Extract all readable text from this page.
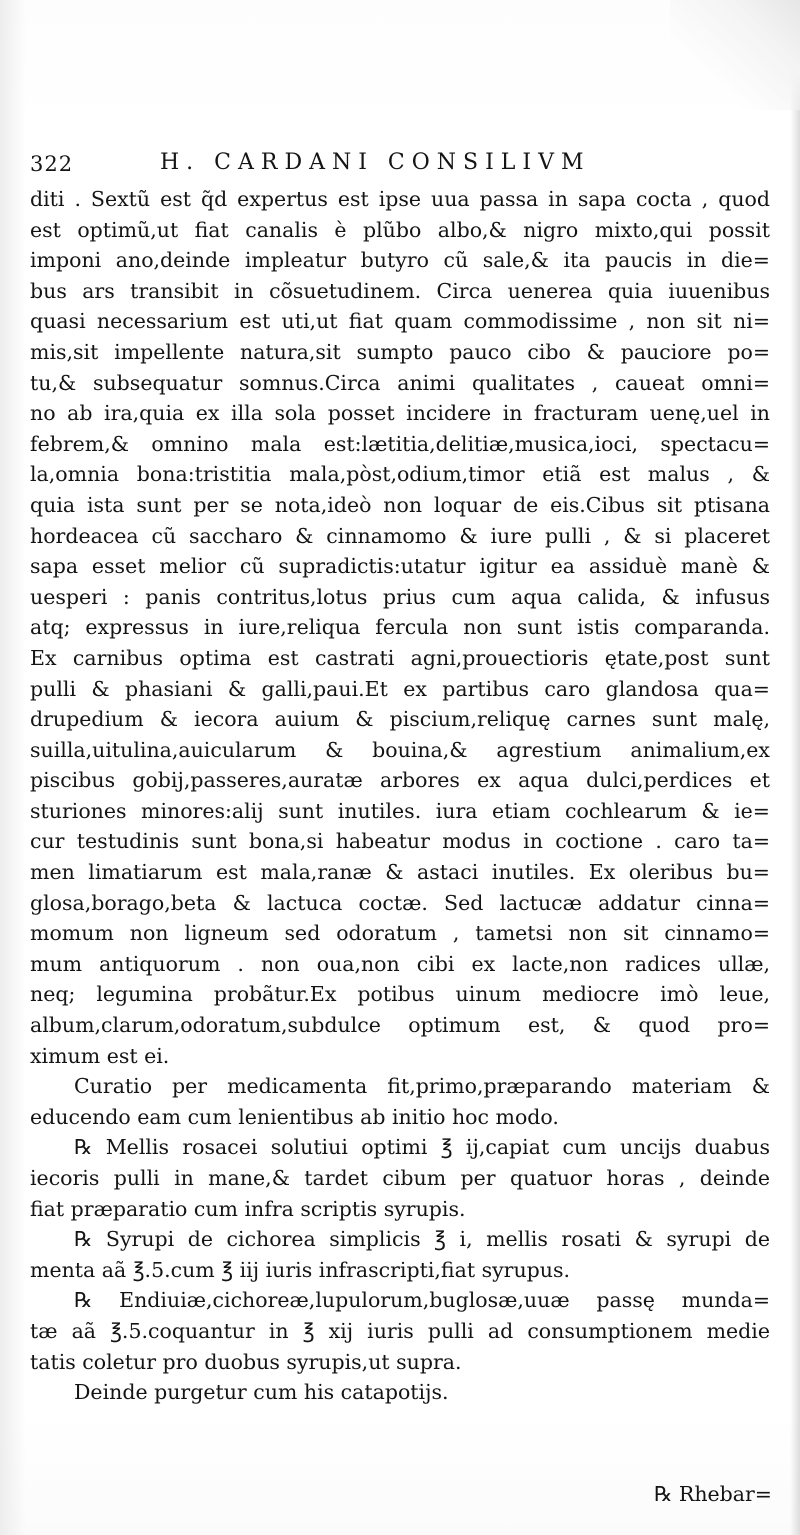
322	H. CARDANI CONSILIVM
diti . Sextũ est q̃d expertus est ipse uua passa in sapa cocta , quod
est optimũ,ut fiat canalis è plũbo albo,& nigro mixto,qui possit
imponi ano,deinde impleatur butyro cũ sale,& ita paucis in die=
bus ars transibit in cõsuetudinem. Circa uenerea quia iuuenibus
quasi necessarium est uti,ut fiat quam commodissime , non sit ni=
mis,sit impellente natura,sit sumpto pauco cibo & pauciore po=
tu,& subsequatur somnus.Circa animi qualitates , caueat omni=
no ab ira,quia ex illa sola posset incidere in fracturam uenę,uel in
febrem,& omnino mala est:lætitia,delitiæ,musica,ioci, spectacu=
la,omnia bona:tristitia mala,pòst,odium,timor etiã est malus , &
quia ista sunt per se nota,ideò non loquar de eis.Cibus sit ptisana
hordeacea cũ saccharo & cinnamomo & iure pulli , & si placeret
sapa esset melior cũ supradictis:utatur igitur ea assiduè manè &
uesperi : panis contritus,lotus prius cum aqua calida, & infusus
atq; expressus in iure,reliqua fercula non sunt istis comparanda.
Ex carnibus optima est castrati agni,prouectioris ętate,post sunt
pulli & phasiani & galli,paui.Et ex partibus caro glandosa qua=
drupedium & iecora auium & piscium,reliquę carnes sunt malę,
suilla,uitulina,auicularum & bouina,& agrestium animalium,ex
piscibus gobij,passeres,auratæ arbores ex aqua dulci,perdices et
sturiones minores:alij sunt inutiles. iura etiam cochlearum & ie=
cur testudinis sunt bona,si habeatur modus in coctione . caro ta=
men limatiarum est mala,ranæ & astaci inutiles. Ex oleribus bu=
glosa,borago,beta & lactuca coctæ. Sed lactucæ addatur cinna=
momum non ligneum sed odoratum , tametsi non sit cinnamo=
mum antiquorum . non oua,non cibi ex lacte,non radices ullæ,
neq; legumina probãtur.Ex potibus uinum mediocre imò leue,
album,clarum,odoratum,subdulce optimum est, & quod pro=
ximum est ei.
Curatio per medicamenta fit,primo,præparando materiam &
educendo eam cum lenientibus ab initio hoc modo.
℞ Mellis rosacei solutiui optimi ℥ ij,capiat cum uncijs duabus
iecoris pulli in mane,& tardet cibum per quatuor horas , deinde
fiat præparatio cum infra scriptis syrupis.
℞ Syrupi de cichorea simplicis ℥ i, mellis rosati & syrupi de
menta aã ℥.5.cum ℥ iij iuris infrascripti,fiat syrupus.
℞ Endiuiæ,cichoreæ,lupulorum,buglosæ,uuæ passę munda=
tæ aã ℥.5.coquantur in ℥ xij iuris pulli ad consumptionem medie
tatis coletur pro duobus syrupis,ut supra.
Deinde purgetur cum his catapotijs.
℞ Rhebar=
